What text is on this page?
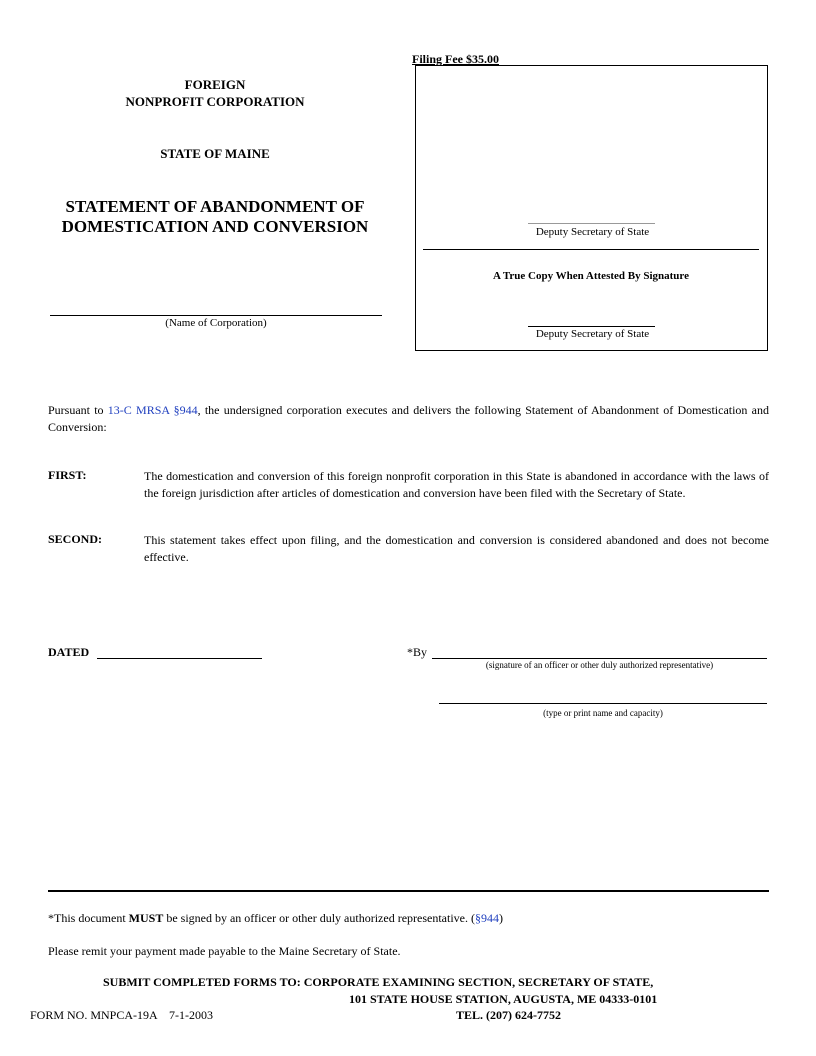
FOREIGN
NONPROFIT CORPORATION
STATE OF MAINE
STATEMENT OF ABANDONMENT OF
DOMESTICATION AND CONVERSION
(Name of Corporation)
Filing Fee $35.00
Deputy Secretary of State
A True Copy When Attested By Signature
Deputy Secretary of State
Pursuant to 13-C MRSA §944, the undersigned corporation executes and delivers the following Statement of Abandonment of Domestication and Conversion:
FIRST:	The domestication and conversion of this foreign nonprofit corporation in this State is abandoned in accordance with the laws of the foreign jurisdiction after articles of domestication and conversion have been filed with the Secretary of State.
SECOND:	This statement takes effect upon filing, and the domestication and conversion is considered abandoned and does not become effective.
DATED	*By
(signature of an officer or other duly authorized representative)
(type or print name and capacity)
*This document MUST be signed by an officer or other duly authorized representative. (§944)
Please remit your payment made payable to the Maine Secretary of State.
SUBMIT COMPLETED FORMS TO: CORPORATE EXAMINING SECTION, SECRETARY OF STATE,
101 STATE HOUSE STATION, AUGUSTA, ME 04333-0101
FORM NO. MNPCA-19A    7-1-2003	TEL. (207) 624-7752
